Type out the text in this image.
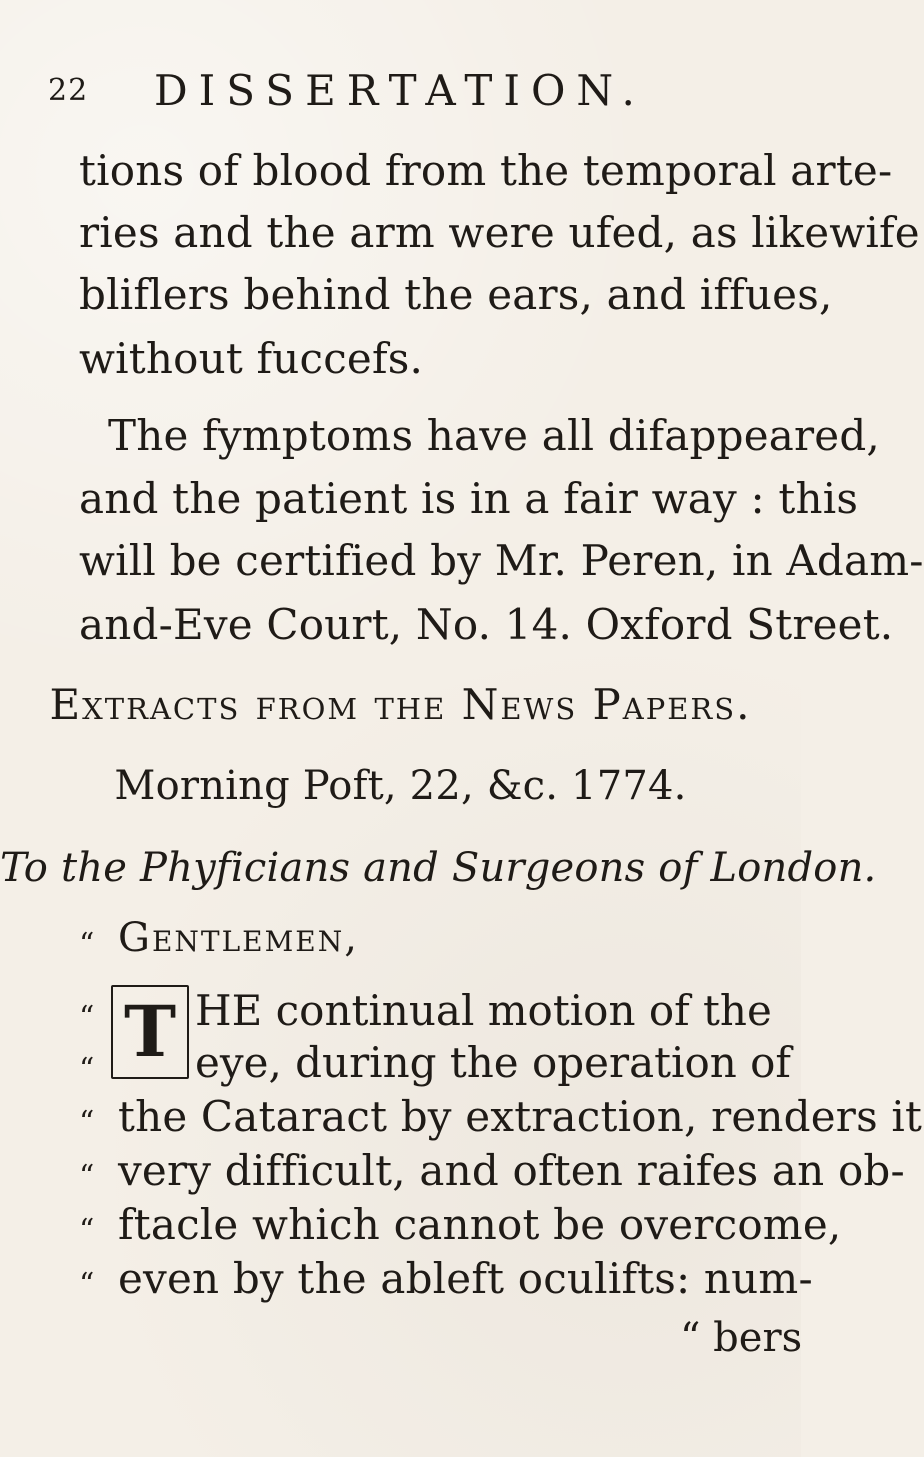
22 DISSERTATION.
tions of blood from the temporal arte-
ries and the arm were ufed, as likewife
bliflers behind the ears, and iffues,
without fuccefs.
The fymptoms have all difappeared,
and the patient is in a fair way : this
will be certified by Mr. Peren, in Adam-
and-Eve Court, No. 14. Oxford Street.
Extracts from the News Papers.
Morning Poft, 22, &c. 1774.
To the Phyficians and Surgeons of London.
“ Gentlemen,
T
“	HE continual motion of the
“	eye, during the operation of
“ the Cataract by extraction, renders it
“ very difficult, and often raifes an ob-
“ ftacle which cannot be overcome,
“ even by the ableft oculifts: num-
“ bers
